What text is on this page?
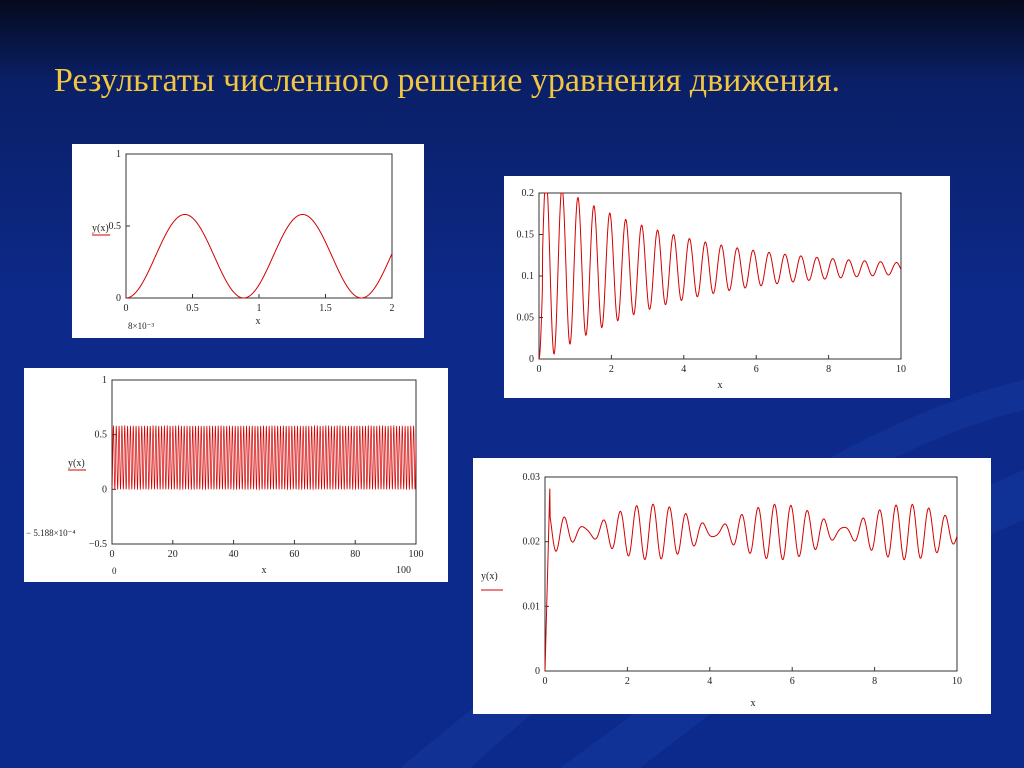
Результаты численного решение уравнения движения.
0	0.5	1	1.5	2
0
0.5
1
y(x)
x
8×10⁻³
0	2	4	6	8	10
0
0.05
0.1
0.15
0.2
x
0	20	40	60	80	100
−0.5
0
0.5
1
y(x)
− 5.188×10⁻⁴
x
0	100
0	2	4	6	8	10
0
0.01
0.02
0.03
y(x)
x
